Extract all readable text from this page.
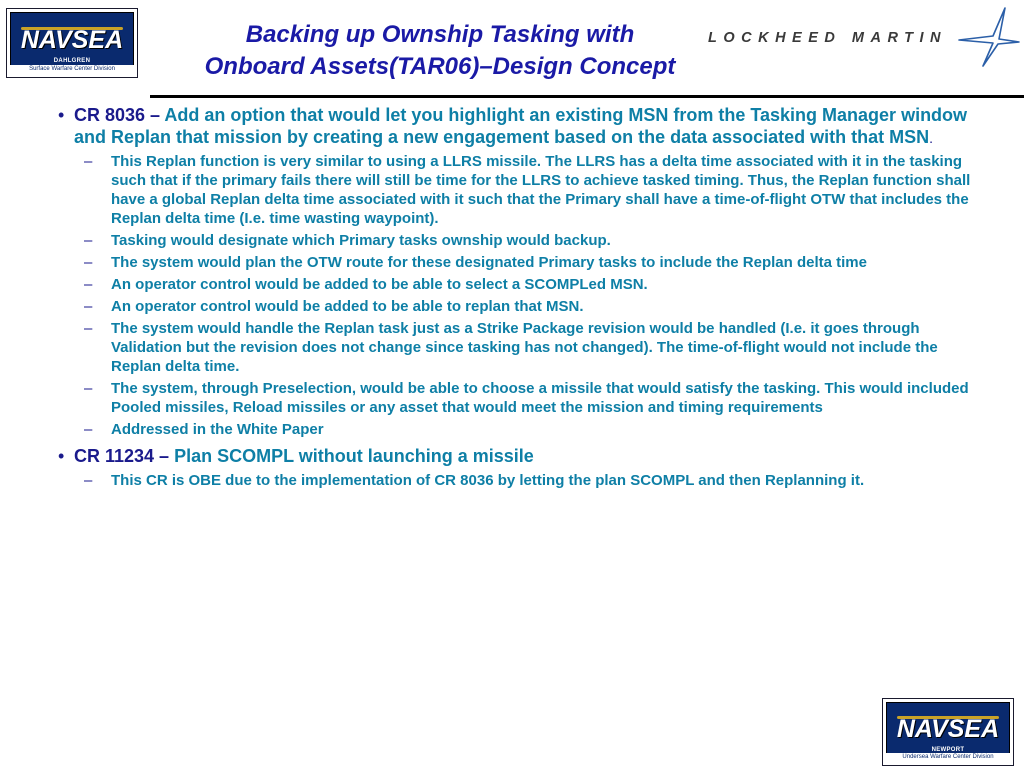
NAVSEA
DAHLGREN
Surface Warfare Center Division
Backing up Ownship Tasking with
Onboard Assets(TAR06)–Design Concept
LOCKHEED MARTIN
• CR 8036 – Add an option that would let you highlight an existing MSN from the Tasking Manager window and Replan that mission by creating a new engagement based on the data associated with that MSN.
– This Replan function is very similar to using a LLRS missile. The LLRS has a delta time associated with it in the tasking such that if the primary fails there will still be time for the LLRS to achieve tasked timing. Thus, the Replan function shall have a global Replan delta time associated with it such that the Primary shall have a time-of-flight OTW that includes the Replan delta time (I.e. time wasting waypoint).
– Tasking would designate which Primary tasks ownship would backup.
– The system would plan the OTW route for these designated Primary tasks to include the Replan delta time
– An operator control would be added to be able to select a SCOMPLed MSN.
– An operator control would be added to be able to replan that MSN.
– The system would handle the Replan task just as a Strike Package revision would be handled (I.e. it goes through Validation but the revision does not change since tasking has not changed). The time-of-flight would not include the Replan delta time.
– The system, through Preselection, would be able to choose a missile that would satisfy the tasking. This would included Pooled missiles, Reload missiles or any asset that would meet the mission and timing requirements
– Addressed in the White Paper
• CR 11234 – Plan SCOMPL without launching a missile
– This CR is OBE due to the implementation of CR 8036 by letting the plan SCOMPL and then Replanning it.
NAVSEA
NEWPORT
Undersea Warfare Center Division
